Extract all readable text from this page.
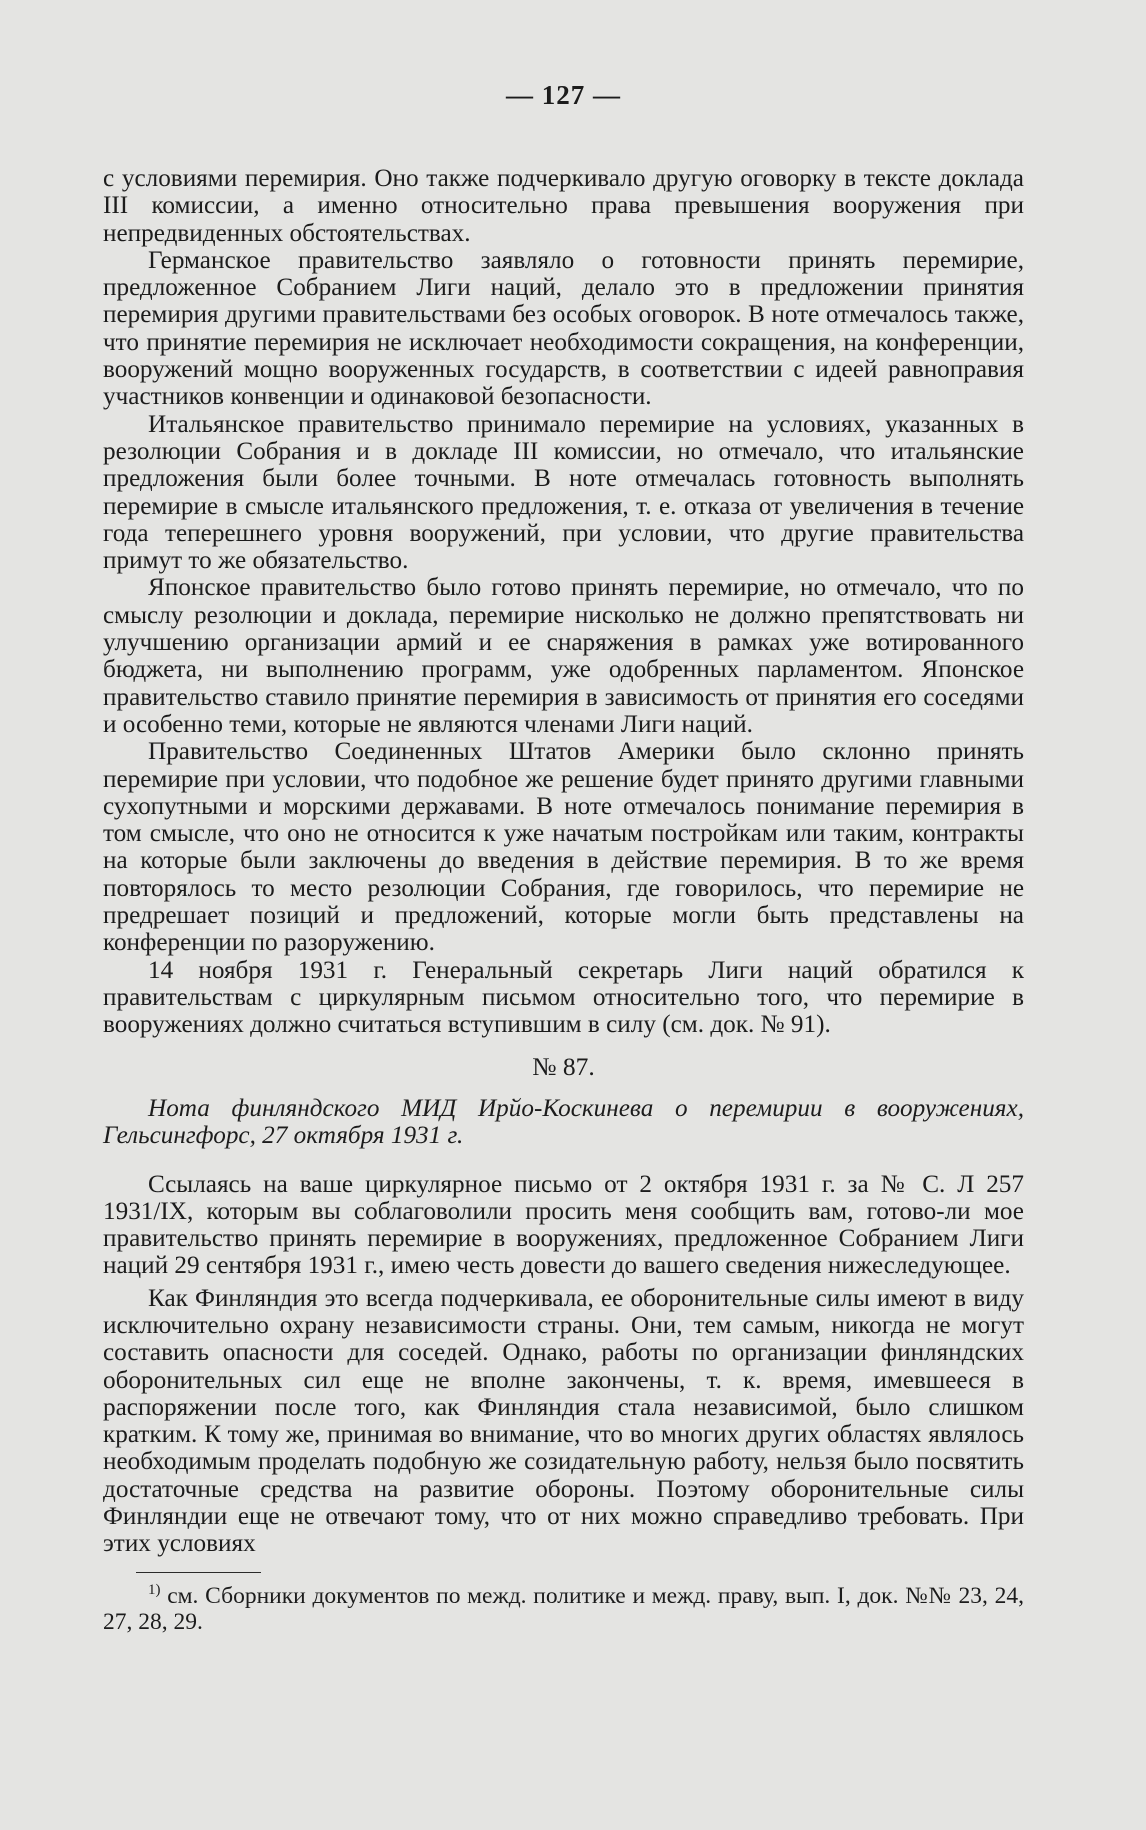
— 127 —

с условиями перемирия. Оно также подчеркивало другую оговорку в тексте доклада III комиссии, а именно относительно права превышения вооружения при непредвиденных обстоятельствах.

Германское правительство заявляло о готовности принять перемирие, предложенное Собранием Лиги наций, делало это в предложении принятия перемирия другими правительствами без особых оговорок. В ноте отмечалось также, что принятие перемирия не исключает необходимости сокращения, на конференции, вооружений мощно вооруженных государств, в соответствии с идеей равноправия участников конвенции и одинаковой безопасности.

Итальянское правительство принимало перемирие на условиях, указанных в резолюции Собрания и в докладе III комиссии, но отмечало, что итальянские предложения были более точными. В ноте отмечалась готовность выполнять перемирие в смысле итальянского предложения, т. е. отказа от увеличения в течение года теперешнего уровня вооружений, при условии, что другие правительства примут то же обязательство.

Японское правительство было готово принять перемирие, но отмечало, что по смыслу резолюции и доклада, перемирие нисколько не должно препятствовать ни улучшению организации армий и ее снаряжения в рамках уже вотированного бюджета, ни выполнению программ, уже одобренных парламентом. Японское правительство ставило принятие перемирия в зависимость от принятия его соседями и особенно теми, которые не являются членами Лиги наций.

Правительство Соединенных Штатов Америки было склонно принять перемирие при условии, что подобное же решение будет принято другими главными сухопутными и морскими державами. В ноте отмечалось понимание перемирия в том смысле, что оно не относится к уже начатым постройкам или таким, контракты на которые были заключены до введения в действие перемирия. В то же время повторялось то место резолюции Собрания, где говорилось, что перемирие не предрешает позиций и предложений, которые могли быть представлены на конференции по разоружению.

14 ноября 1931 г. Генеральный секретарь Лиги наций обратился к правительствам с циркулярным письмом относительно того, что перемирие в вооружениях должно считаться вступившим в силу (см. док. № 91).

№ 87.
Нота финляндского МИД Ирйо-Коскинева о перемирии в вооружениях, Гельсингфорс, 27 октября 1931 г.

Ссылаясь на ваше циркулярное письмо от 2 октября 1931 г. за № С. Л 257 1931/IX, которым вы соблаговолили просить меня сообщить вам, готово-ли мое правительство принять перемирие в вооружениях, предложенное Собранием Лиги наций 29 сентября 1931 г., имею честь довести до вашего сведения нижеследующее.

Как Финляндия это всегда подчеркивала, ее оборонительные силы имеют в виду исключительно охрану независимости страны. Они, тем самым, никогда не могут составить опасности для соседей. Однако, работы по организации финляндских оборонительных сил еще не вполне закончены, т. к. время, имевшееся в распоряжении после того, как Финляндия стала независимой, было слишком кратким. К тому же, принимая во внимание, что во многих других областях являлось необходимым проделать подобную же созидательную работу, нельзя было посвятить достаточные средства на развитие обороны. Поэтому оборонительные силы Финляндии еще не отвечают тому, что от них можно справедливо требовать. При этих условиях

$^{1)}$ см. Сборники документов по межд. политике и межд. праву, вып. I, док. №№ 23, 24, 27, 28, 29.
